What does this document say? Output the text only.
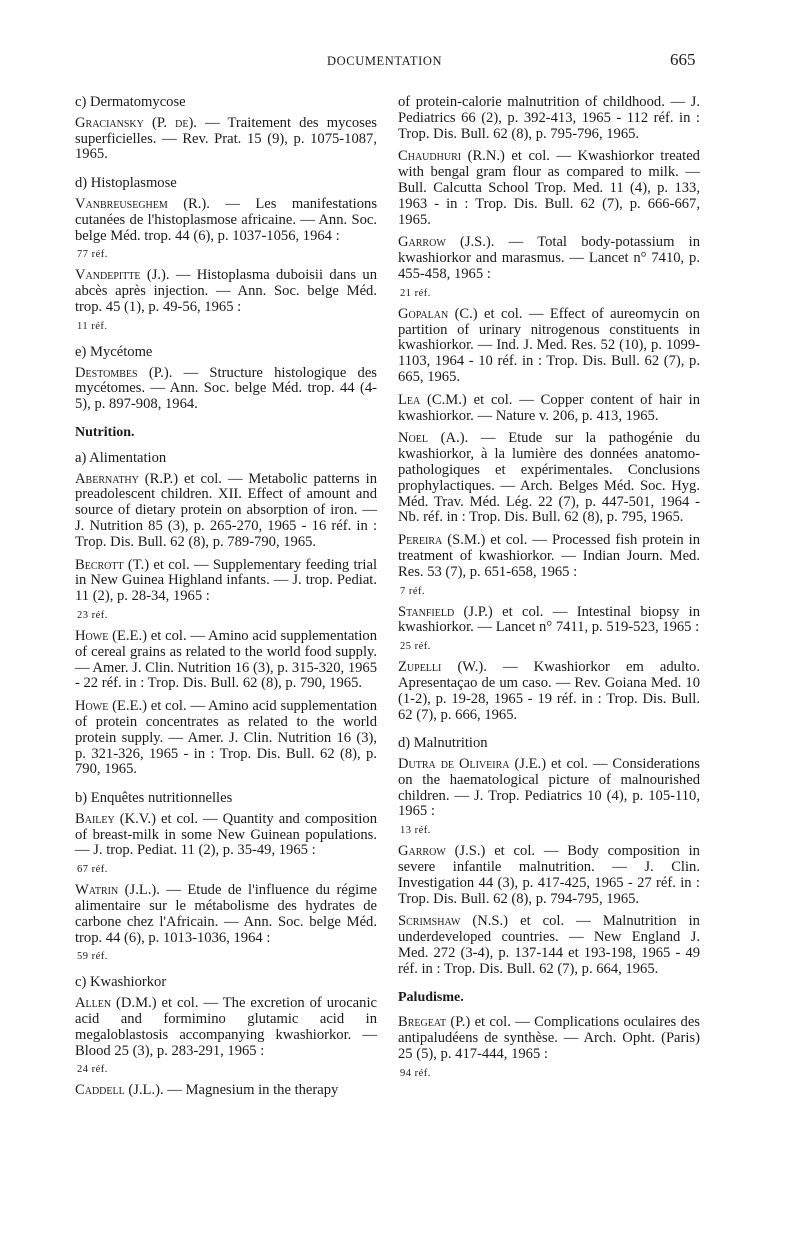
DOCUMENTATION	665
c) Dermatomycose
Graciansky (P. de). — Traitement des mycoses superficielles. — Rev. Prat. 15 (9), p. 1075-1087, 1965.
d) Histoplasmose
Vanbreuseghem (R.). — Les manifestations cutanées de l'histoplasmose africaine. — Ann. Soc. belge Méd. trop. 44 (6), p. 1037-1056, 1964 :
77 réf.
Vandepitte (J.). — Histoplasma duboisii dans un abcès après injection. — Ann. Soc. belge Méd. trop. 45 (1), p. 49-56, 1965 :
11 réf.
e) Mycétome
Destombes (P.). — Structure histologique des mycétomes. — Ann. Soc. belge Méd. trop. 44 (4-5), p. 897-908, 1964.
Nutrition.
a) Alimentation
Abernathy (R.P.) et col. — Metabolic patterns in preadolescent children. XII. Effect of amount and source of dietary protein on absorption of iron. — J. Nutrition 85 (3), p. 265-270, 1965 - 16 réf. in : Trop. Dis. Bull. 62 (8), p. 789-790, 1965.
Becrott (T.) et col. — Supplementary feeding trial in New Guinea Highland infants. — J. trop. Pediat. 11 (2), p. 28-34, 1965 :
23 réf.
Howe (E.E.) et col. — Amino acid supplementation of cereal grains as related to the world food supply. — Amer. J. Clin. Nutrition 16 (3), p. 315-320, 1965 - 22 réf. in : Trop. Dis. Bull. 62 (8), p. 790, 1965.
Howe (E.E.) et col. — Amino acid supplementation of protein concentrates as related to the world protein supply. — Amer. J. Clin. Nutrition 16 (3), p. 321-326, 1965 - in : Trop. Dis. Bull. 62 (8), p. 790, 1965.
b) Enquêtes nutritionnelles
Bailey (K.V.) et col. — Quantity and composition of breast-milk in some New Guinean populations. — J. trop. Pediat. 11 (2), p. 35-49, 1965 :
67 réf.
Watrin (J.L.). — Etude de l'influence du régime alimentaire sur le métabolisme des hydrates de carbone chez l'Africain. — Ann. Soc. belge Méd. trop. 44 (6), p. 1013-1036, 1964 :
59 réf.
c) Kwashiorkor
Allen (D.M.) et col. — The excretion of urocanic acid and formimino glutamic acid in megaloblastosis accompanying kwashiorkor. — Blood 25 (3), p. 283-291, 1965 :
24 réf.
Caddell (J.L.). — Magnesium in the therapy
of protein-calorie malnutrition of childhood. — J. Pediatrics 66 (2), p. 392-413, 1965 - 112 réf. in : Trop. Dis. Bull. 62 (8), p. 795-796, 1965.
Chaudhuri (R.N.) et col. — Kwashiorkor treated with bengal gram flour as compared to milk. — Bull. Calcutta School Trop. Med. 11 (4), p. 133, 1963 - in : Trop. Dis. Bull. 62 (7), p. 666-667, 1965.
Garrow (J.S.). — Total body-potassium in kwashiorkor and marasmus. — Lancet n° 7410, p. 455-458, 1965 :
21 réf.
Gopalan (C.) et col. — Effect of aureomycin on partition of urinary nitrogenous constituents in kwashiorkor. — Ind. J. Med. Res. 52 (10), p. 1099-1103, 1964 - 10 réf. in : Trop. Dis. Bull. 62 (7), p. 665, 1965.
Lea (C.M.) et col. — Copper content of hair in kwashiorkor. — Nature v. 206, p. 413, 1965.
Noel (A.). — Etude sur la pathogénie du kwashiorkor, à la lumière des données anatomo-pathologiques et expérimentales. Conclusions prophylactiques. — Arch. Belges Méd. Soc. Hyg. Méd. Trav. Méd. Lég. 22 (7), p. 447-501, 1964 - Nb. réf. in : Trop. Dis. Bull. 62 (8), p. 795, 1965.
Pereira (S.M.) et col. — Processed fish protein in treatment of kwashiorkor. — Indian Journ. Med. Res. 53 (7), p. 651-658, 1965 :
7 réf.
Stanfield (J.P.) et col. — Intestinal biopsy in kwashiorkor. — Lancet n° 7411, p. 519-523, 1965 :
25 réf.
Zupelli (W.). — Kwashiorkor em adulto. Apresentaçao de um caso. — Rev. Goiana Med. 10 (1-2), p. 19-28, 1965 - 19 réf. in : Trop. Dis. Bull. 62 (7), p. 666, 1965.
d) Malnutrition
Dutra de Oliveira (J.E.) et col. — Considerations on the haematological picture of malnourished children. — J. Trop. Pediatrics 10 (4), p. 105-110, 1965 :
13 réf.
Garrow (J.S.) et col. — Body composition in severe infantile malnutrition. — J. Clin. Investigation 44 (3), p. 417-425, 1965 - 27 réf. in : Trop. Dis. Bull. 62 (8), p. 794-795, 1965.
Scrimshaw (N.S.) et col. — Malnutrition in underdeveloped countries. — New England J. Med. 272 (3-4), p. 137-144 et 193-198, 1965 - 49 réf. in : Trop. Dis. Bull. 62 (7), p. 664, 1965.
Paludisme.
Bregeat (P.) et col. — Complications oculaires des antipaludéens de synthèse. — Arch. Opht. (Paris) 25 (5), p. 417-444, 1965 :
94 réf.
